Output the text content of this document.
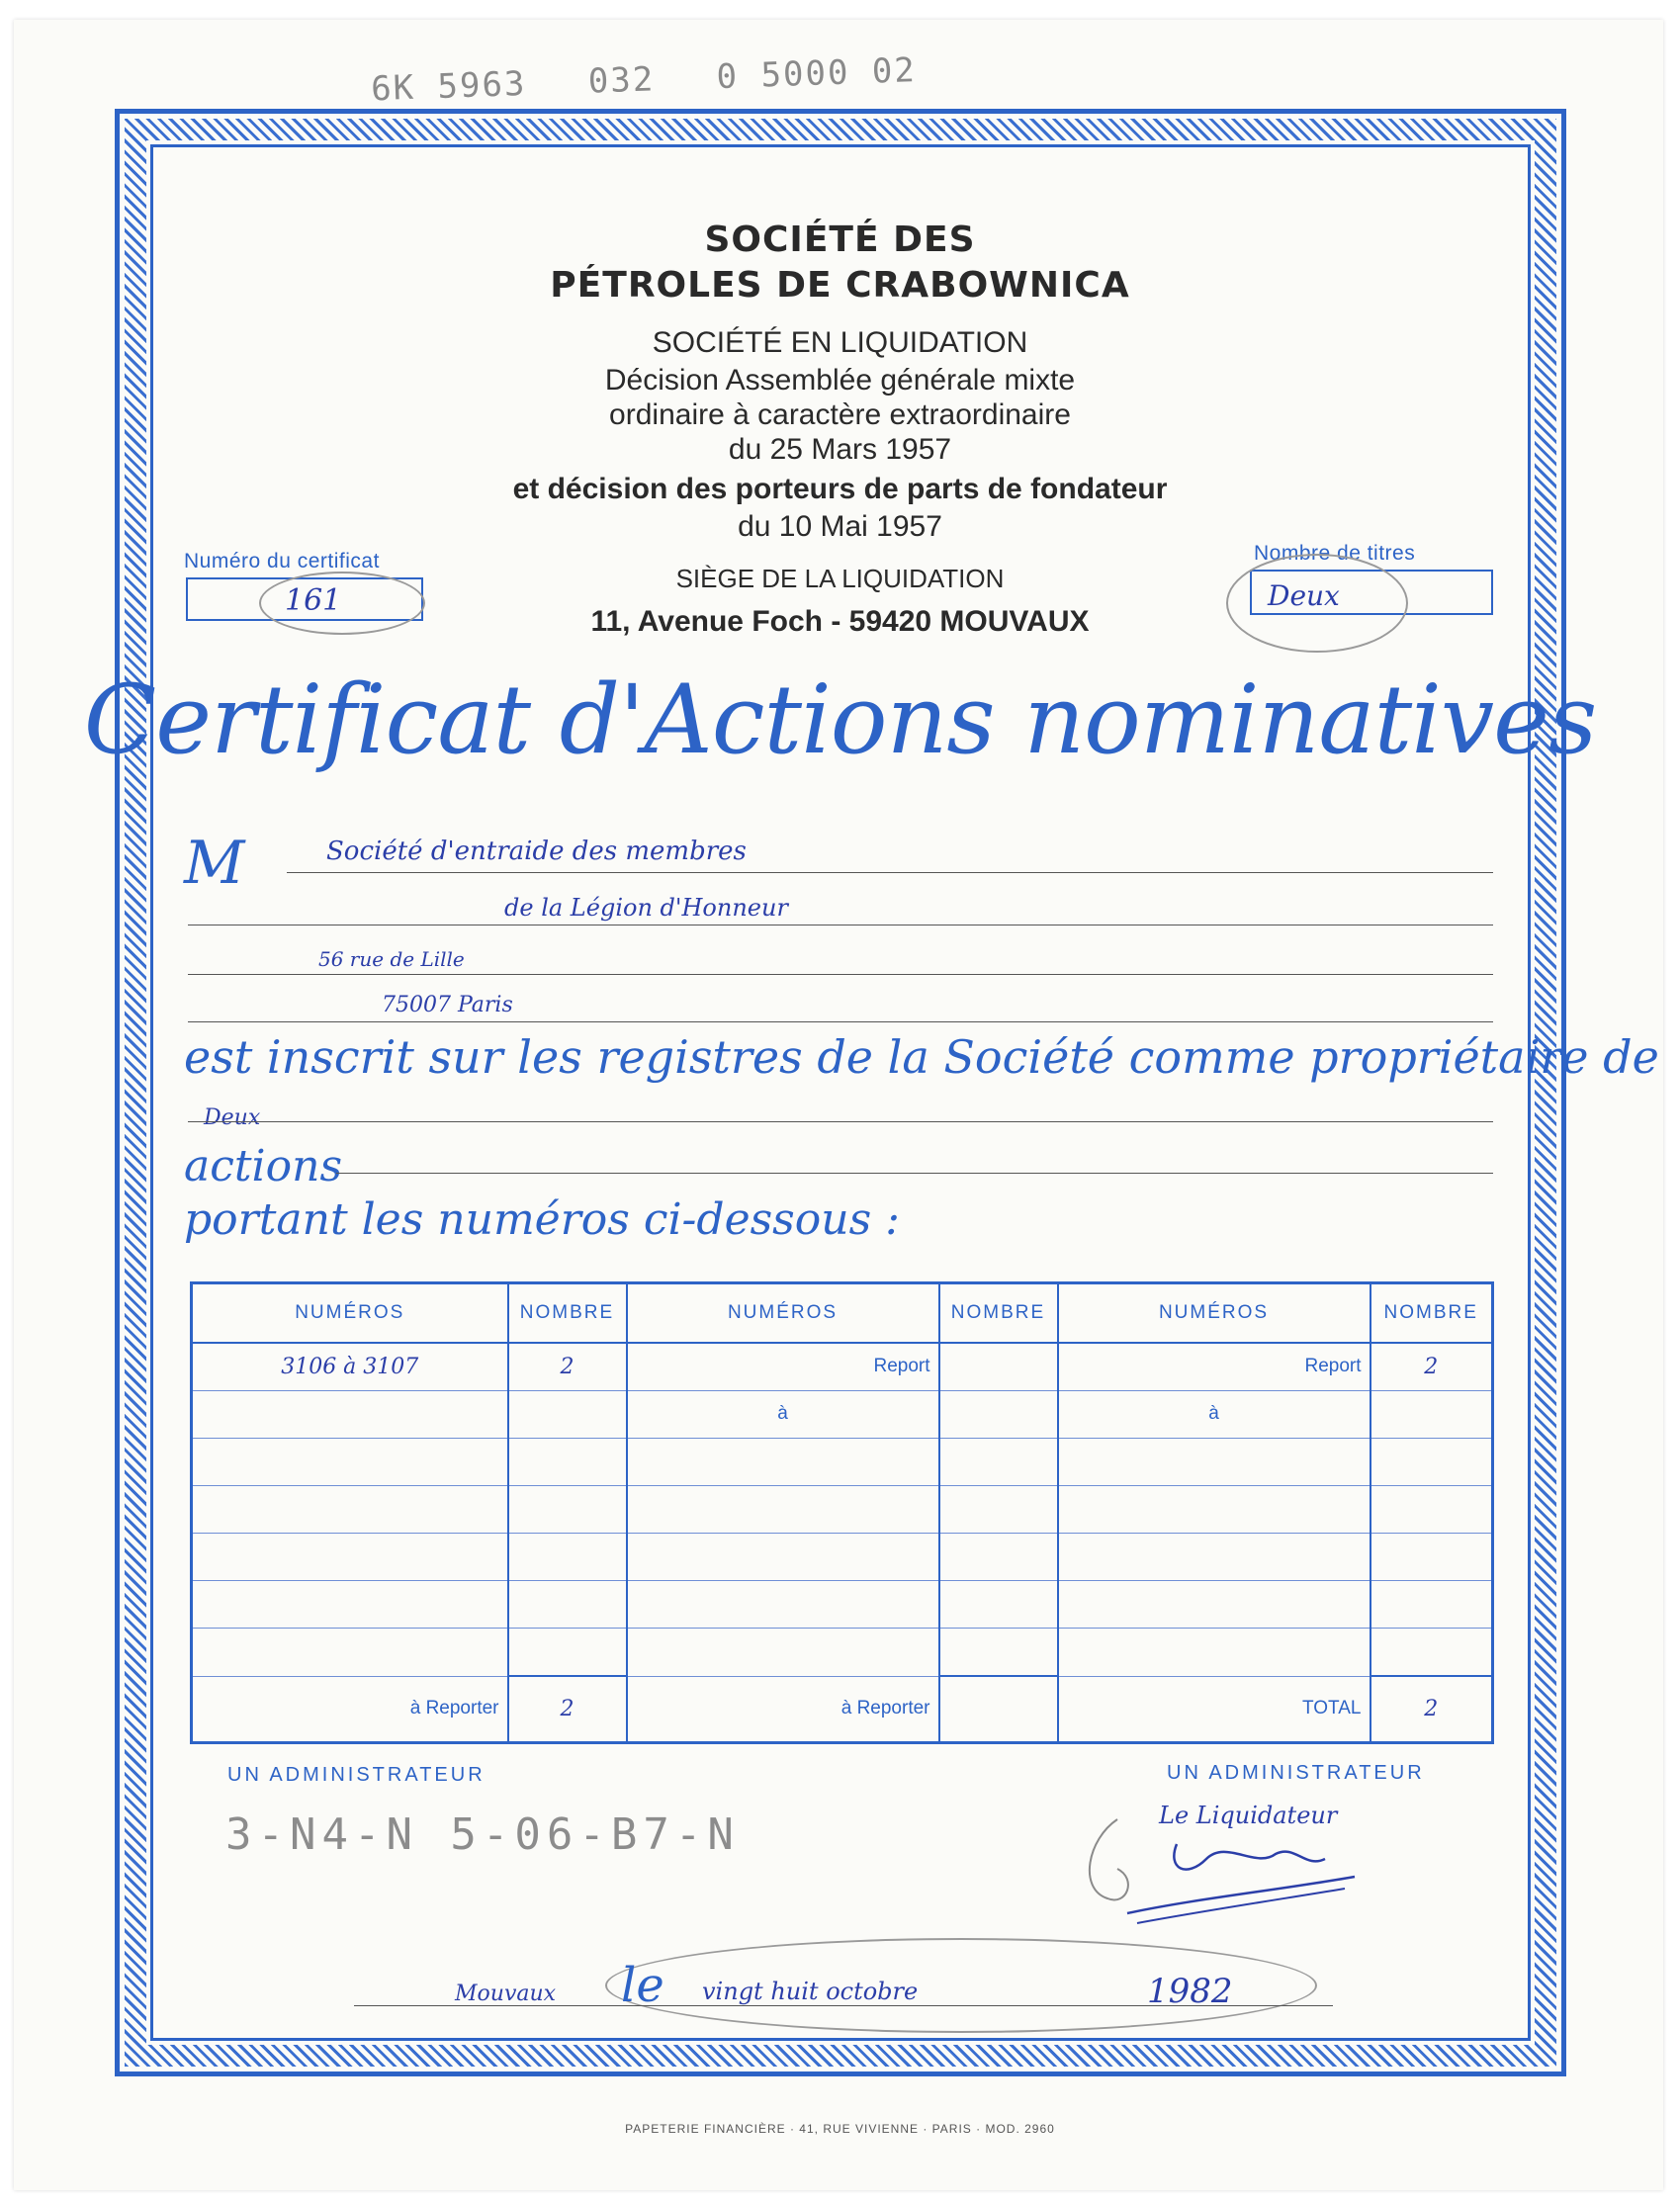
6K 5963 032 0 5000 02
SOCIÉTÉ DES
PÉTROLES DE CRABOWNICA
SOCIÉTÉ EN LIQUIDATION
Décision Assemblée générale mixte
ordinaire à caractère extraordinaire
du 25 Mars 1957
et décision des porteurs de parts de fondateur
du 10 Mai 1957
SIÈGE DE LA LIQUIDATION
11, Avenue Foch - 59420 MOUVAUX
Numéro du certificat
161
Nombre de titres
Deux
Certificat d'Actions nominatives
M	Société d'entraide des membres
de la Légion d'Honneur
56 rue de Lille
75007 Paris
est inscrit sur les registres de la Société comme propriétaire de
Deux
actions
portant les numéros ci-dessous :
NUMÉROS	NOMBRE	NUMÉROS	NOMBRE	NUMÉROS	NOMBRE
3106 à 3107	2	Report		Report	2
		à		à	

à Reporter	2	à Reporter		TOTAL	2
UN ADMINISTRATEUR	UN ADMINISTRATEUR
3-N4-N 5-06-B7-N	Le Liquidateur
Mouvaux le vingt huit octobre	1982
PAPETERIE FINANCIÈRE · 41, RUE VIVIENNE · PARIS · MOD. 2960
